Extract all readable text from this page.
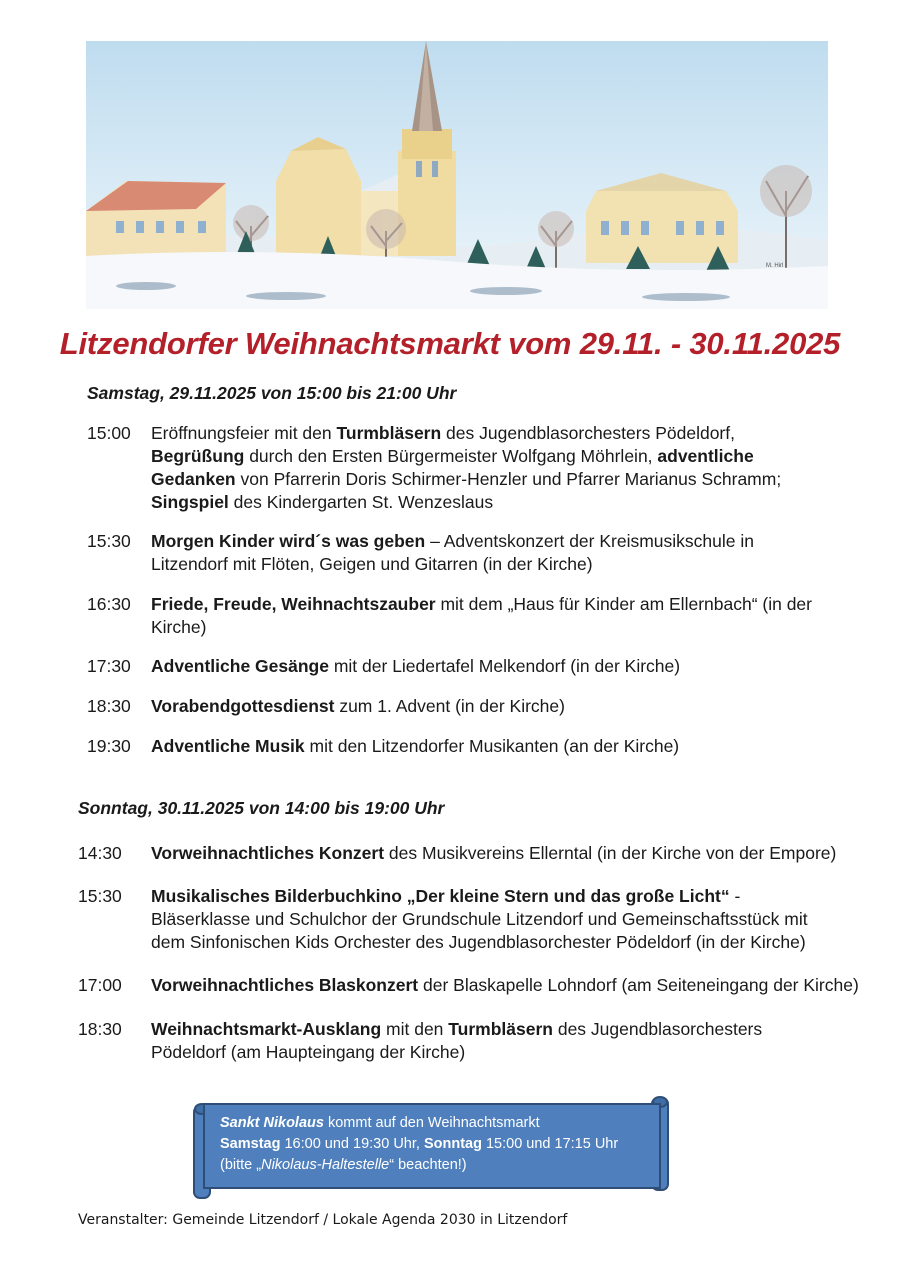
M. Hirl
Litzendorfer Weihnachtsmarkt vom 29.11. - 30.11.2025
Samstag, 29.11.2025 von 15:00 bis 21:00 Uhr
15:00 Eröffnungsfeier mit den Turmbläsern des Jugendblasorchesters Pödeldorf, Begrüßung durch den Ersten Bürgermeister Wolfgang Möhrlein, adventliche Gedanken von Pfarrerin Doris Schirmer-Henzler und Pfarrer Marianus Schramm; Singspiel des Kindergarten St. Wenzeslaus
15:30 Morgen Kinder wird´s was geben – Adventskonzert der Kreismusikschule in Litzendorf mit Flöten, Geigen und Gitarren (in der Kirche)
16:30 Friede, Freude, Weihnachtszauber mit dem „Haus für Kinder am Ellernbach“ (in der Kirche)
17:30 Adventliche Gesänge mit der Liedertafel Melkendorf (in der Kirche)
18:30 Vorabendgottesdienst zum 1. Advent (in der Kirche)
19:30 Adventliche Musik mit den Litzendorfer Musikanten (an der Kirche)
Sonntag, 30.11.2025 von 14:00 bis 19:00 Uhr
14:30 Vorweihnachtliches Konzert des Musikvereins Ellerntal (in der Kirche von der Empore)
15:30 Musikalisches Bilderbuchkino „Der kleine Stern und das große Licht“ - Bläserklasse und Schulchor der Grundschule Litzendorf und Gemeinschaftsstück mit dem Sinfonischen Kids Orchester des Jugendblasorchester Pödeldorf (in der Kirche)
17:00 Vorweihnachtliches Blaskonzert der Blaskapelle Lohndorf (am Seiteneingang der Kirche)
18:30 Weihnachtsmarkt-Ausklang mit den Turmbläsern des Jugendblasorchesters Pödeldorf (am Haupteingang der Kirche)
Sankt Nikolaus kommt auf den Weihnachtsmarkt
Samstag 16:00 und 19:30 Uhr, Sonntag 15:00 und 17:15 Uhr
(bitte „Nikolaus-Haltestelle“ beachten!)
Veranstalter: Gemeinde Litzendorf / Lokale Agenda 2030 in Litzendorf
